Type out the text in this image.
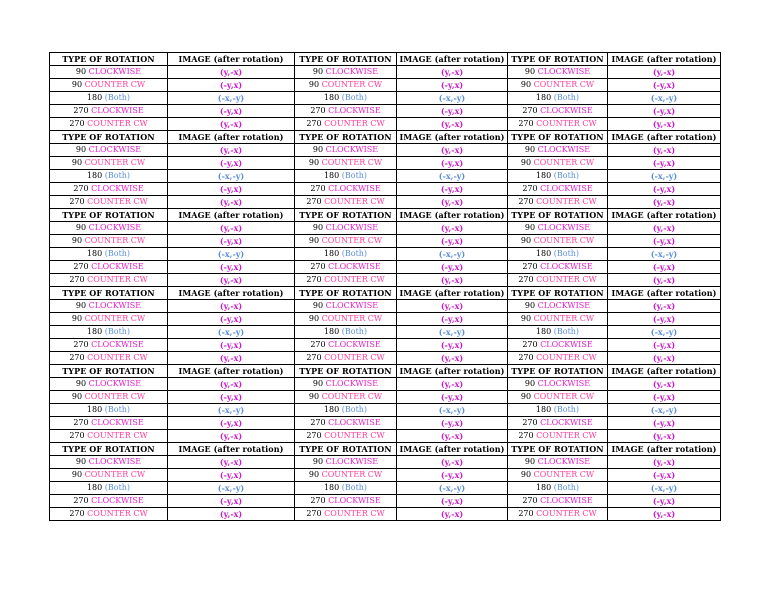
TYPE OF ROTATION	IMAGE (after rotation)	TYPE OF ROTATION	IMAGE (after rotation)	TYPE OF ROTATION	IMAGE (after rotation)
90 CLOCKWISE	(y,-x)	90 CLOCKWISE	(y,-x)	90 CLOCKWISE	(y,-x)
90 COUNTER CW	(-y,x)	90 COUNTER CW	(-y,x)	90 COUNTER CW	(-y,x)
180 (Both)	(-x,-y)	180 (Both)	(-x,-y)	180 (Both)	(-x,-y)
270 CLOCKWISE	(-y,x)	270 CLOCKWISE	(-y,x)	270 CLOCKWISE	(-y,x)
270 COUNTER CW	(y,-x)	270 COUNTER CW	(y,-x)	270 COUNTER CW	(y,-x)
TYPE OF ROTATION	IMAGE (after rotation)	TYPE OF ROTATION	IMAGE (after rotation)	TYPE OF ROTATION	IMAGE (after rotation)
90 CLOCKWISE	(y,-x)	90 CLOCKWISE	(y,-x)	90 CLOCKWISE	(y,-x)
90 COUNTER CW	(-y,x)	90 COUNTER CW	(-y,x)	90 COUNTER CW	(-y,x)
180 (Both)	(-x,-y)	180 (Both)	(-x,-y)	180 (Both)	(-x,-y)
270 CLOCKWISE	(-y,x)	270 CLOCKWISE	(-y,x)	270 CLOCKWISE	(-y,x)
270 COUNTER CW	(y,-x)	270 COUNTER CW	(y,-x)	270 COUNTER CW	(y,-x)
TYPE OF ROTATION	IMAGE (after rotation)	TYPE OF ROTATION	IMAGE (after rotation)	TYPE OF ROTATION	IMAGE (after rotation)
90 CLOCKWISE	(y,-x)	90 CLOCKWISE	(y,-x)	90 CLOCKWISE	(y,-x)
90 COUNTER CW	(-y,x)	90 COUNTER CW	(-y,x)	90 COUNTER CW	(-y,x)
180 (Both)	(-x,-y)	180 (Both)	(-x,-y)	180 (Both)	(-x,-y)
270 CLOCKWISE	(-y,x)	270 CLOCKWISE	(-y,x)	270 CLOCKWISE	(-y,x)
270 COUNTER CW	(y,-x)	270 COUNTER CW	(y,-x)	270 COUNTER CW	(y,-x)
TYPE OF ROTATION	IMAGE (after rotation)	TYPE OF ROTATION	IMAGE (after rotation)	TYPE OF ROTATION	IMAGE (after rotation)
90 CLOCKWISE	(y,-x)	90 CLOCKWISE	(y,-x)	90 CLOCKWISE	(y,-x)
90 COUNTER CW	(-y,x)	90 COUNTER CW	(-y,x)	90 COUNTER CW	(-y,x)
180 (Both)	(-x,-y)	180 (Both)	(-x,-y)	180 (Both)	(-x,-y)
270 CLOCKWISE	(-y,x)	270 CLOCKWISE	(-y,x)	270 CLOCKWISE	(-y,x)
270 COUNTER CW	(y,-x)	270 COUNTER CW	(y,-x)	270 COUNTER CW	(y,-x)
TYPE OF ROTATION	IMAGE (after rotation)	TYPE OF ROTATION	IMAGE (after rotation)	TYPE OF ROTATION	IMAGE (after rotation)
90 CLOCKWISE	(y,-x)	90 CLOCKWISE	(y,-x)	90 CLOCKWISE	(y,-x)
90 COUNTER CW	(-y,x)	90 COUNTER CW	(-y,x)	90 COUNTER CW	(-y,x)
180 (Both)	(-x,-y)	180 (Both)	(-x,-y)	180 (Both)	(-x,-y)
270 CLOCKWISE	(-y,x)	270 CLOCKWISE	(-y,x)	270 CLOCKWISE	(-y,x)
270 COUNTER CW	(y,-x)	270 COUNTER CW	(y,-x)	270 COUNTER CW	(y,-x)
TYPE OF ROTATION	IMAGE (after rotation)	TYPE OF ROTATION	IMAGE (after rotation)	TYPE OF ROTATION	IMAGE (after rotation)
90 CLOCKWISE	(y,-x)	90 CLOCKWISE	(y,-x)	90 CLOCKWISE	(y,-x)
90 COUNTER CW	(-y,x)	90 COUNTER CW	(-y,x)	90 COUNTER CW	(-y,x)
180 (Both)	(-x,-y)	180 (Both)	(-x,-y)	180 (Both)	(-x,-y)
270 CLOCKWISE	(-y,x)	270 CLOCKWISE	(-y,x)	270 CLOCKWISE	(-y,x)
270 COUNTER CW	(y,-x)	270 COUNTER CW	(y,-x)	270 COUNTER CW	(y,-x)
